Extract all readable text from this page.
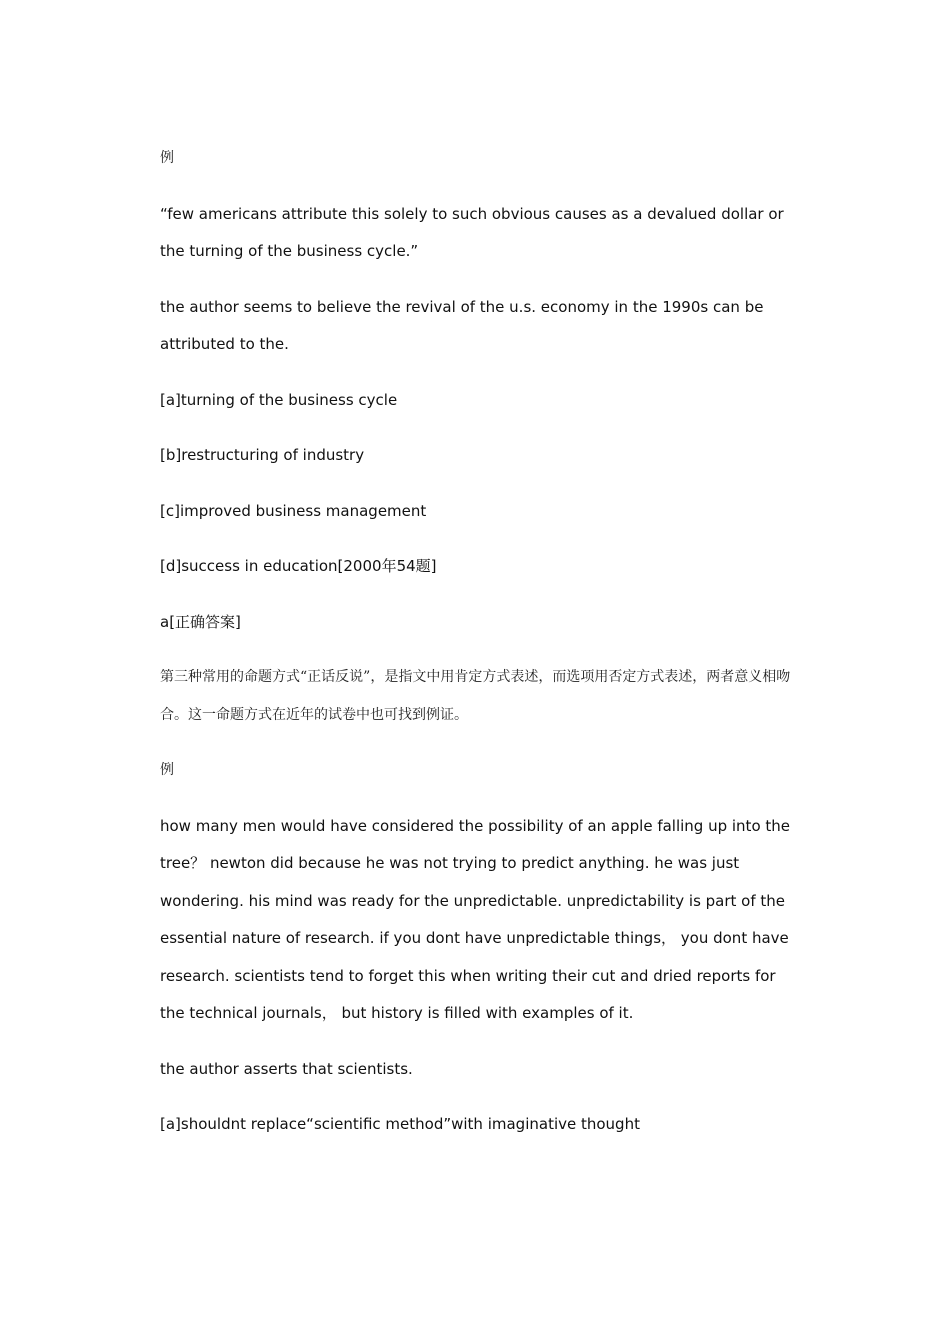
例

“few americans attribute this solely to such obvious causes as a devalued dollar or the turning of the business cycle.”

the author seems to believe the revival of the u.s. economy in the 1990s can be attributed to the.

[a]turning of the business cycle

[b]restructuring of industry

[c]improved business management

[d]success in education[2000年54题]

a[正确答案]

第三种常用的命题方式“正话反说”，是指文中用肯定方式表述，而选项用否定方式表述，两者意义相吻合。这一命题方式在近年的试卷中也可找到例证。

例

how many men would have considered the possibility of an apple falling up into the tree？ newton did because he was not trying to predict anything. he was just wondering. his mind was ready for the unpredictable. unpredictability is part of the essential nature of research. if you dont have unpredictable things， you dont have research. scientists tend to forget this when writing their cut and dried reports for the technical journals， but history is filled with examples of it.

the author asserts that scientists.

[a]shouldnt replace“scientific method”with imaginative thought
